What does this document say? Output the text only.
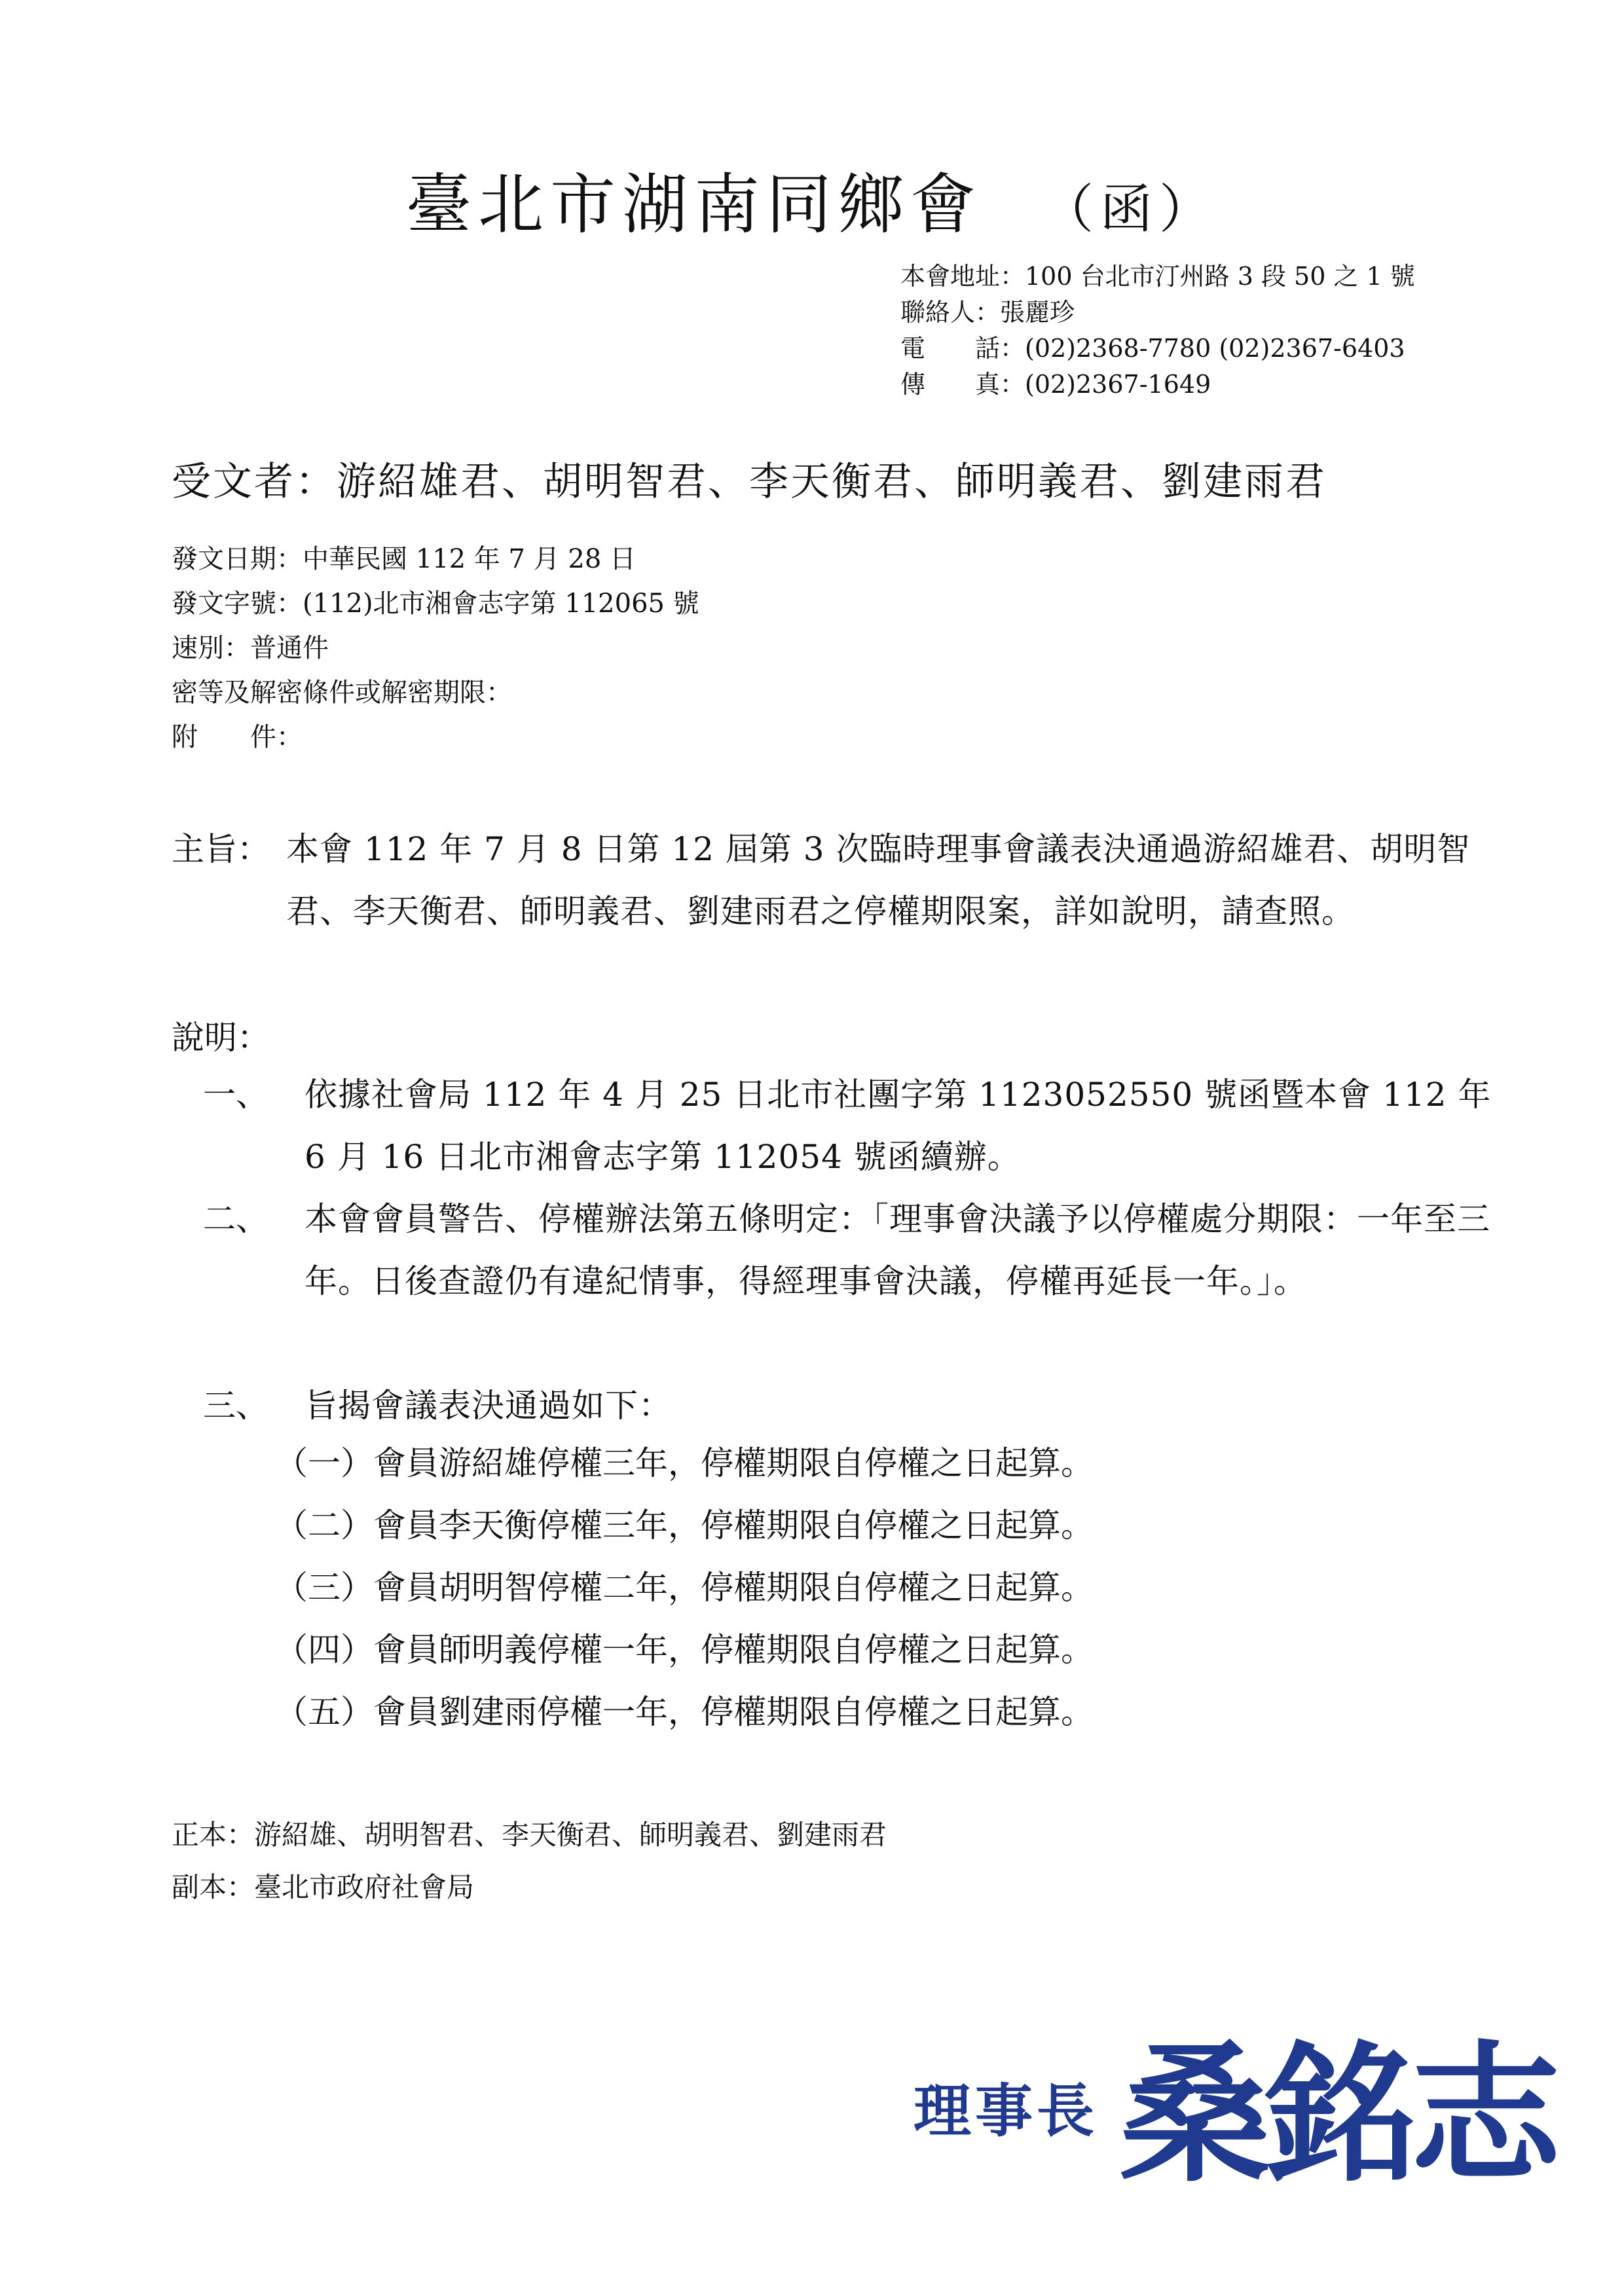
臺北市湖南同鄉會 （函）
本會地址：100 台北市汀州路 3 段 50 之 1 號
聯絡人：張麗珍
電　　話：(02)2368-7780 (02)2367-6403
傳　　真：(02)2367-1649
受文者：游紹雄君、胡明智君、李天衡君、師明義君、劉建雨君
發文日期：中華民國 112 年 7 月 28 日
發文字號：(112)北市湘會志字第 112065 號
速別：普通件
密等及解密條件或解密期限：
附　　件：
主旨： 本會 112 年 7 月 8 日第 12 屆第 3 次臨時理事會議表決通過游紹雄君、胡明智君、李天衡君、師明義君、劉建雨君之停權期限案，詳如說明，請查照。
說明：
一、	依據社會局 112 年 4 月 25 日北市社團字第 1123052550 號函暨本會 112 年 6 月 16 日北市湘會志字第 112054 號函續辦。
二、	本會會員警告、停權辦法第五條明定：「理事會決議予以停權處分期限：一年至三年。日後查證仍有違紀情事，得經理事會決議，停權再延長一年。」。
三、	旨揭會議表決通過如下：
（一）會員游紹雄停權三年，停權期限自停權之日起算。
（二）會員李天衡停權三年，停權期限自停權之日起算。
（三）會員胡明智停權二年，停權期限自停權之日起算。
（四）會員師明義停權一年，停權期限自停權之日起算。
（五）會員劉建雨停權一年，停權期限自停權之日起算。
正本：游紹雄、胡明智君、李天衡君、師明義君、劉建雨君
副本：臺北市政府社會局
理事長 桑銘志
